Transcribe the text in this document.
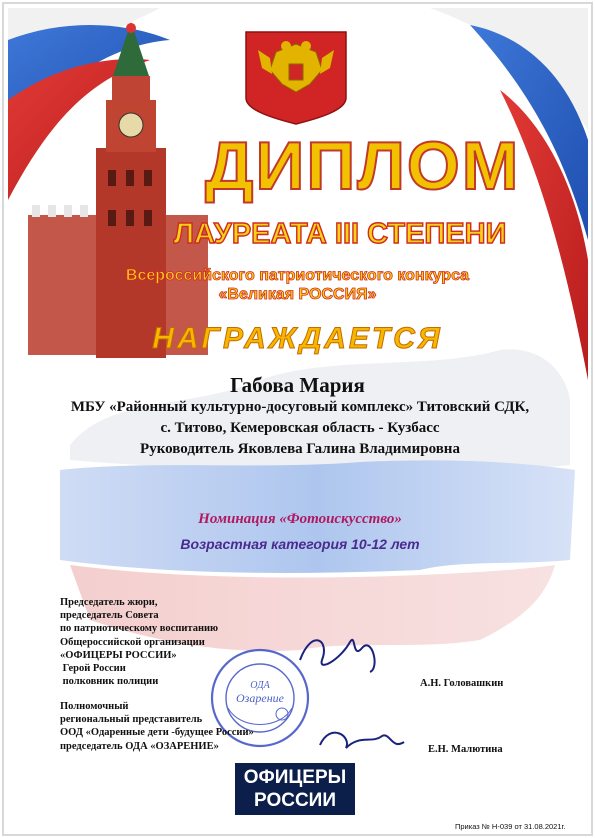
ДИПЛОМ
ЛАУРЕАТА III СТЕПЕНИ
Всероссийского патриотического конкурса
«Великая РОССИЯ»
НАГРАЖДАЕТСЯ
Габова Мария
МБУ «Районный культурно-досуговый комплекс» Титовский СДК,
с. Титово, Кемеровская область - Кузбасс
Руководитель Яковлева Галина Владимировна
Номинация «Фотоискусство»
Возрастная категория 10-12 лет
Председатель жюри,
председатель Совета
по патриотическому воспитанию
Общероссийской организации
«ОФИЦЕРЫ РОССИИ»
Герой России
полковник полиции	А.Н. Головашкин
Полномочный
региональный представитель
ООД «Одаренные дети -будущее России»
председатель ОДА «ОЗАРЕНИЕ»	Е.Н. Малютина
ОДА
Озарение
ОФИЦЕРЫ
РОССИИ
Приказ № Н-039 от 31.08.2021г.
